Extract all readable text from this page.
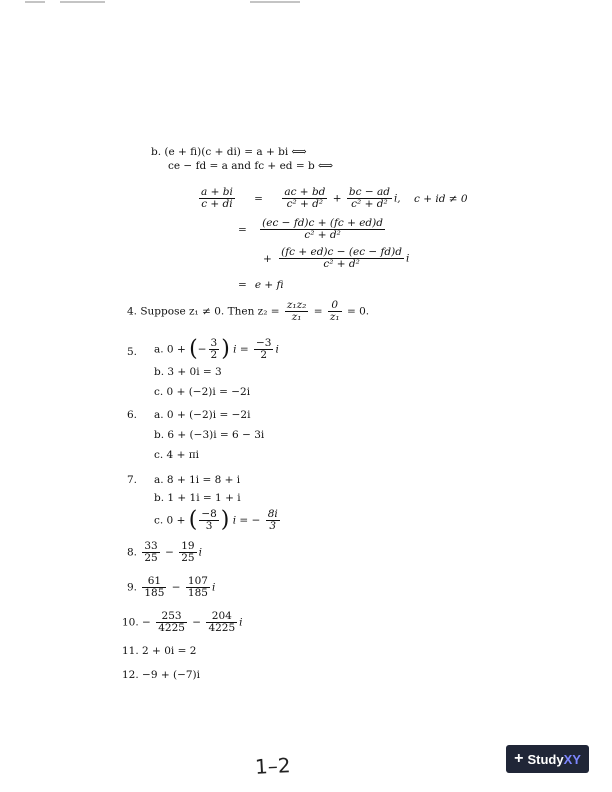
b. (e + fi)(c + di) = a + bi ⟺
ce − fd = a and fc + ed = b ⟺
$\frac{a + bi}{c + di} = \frac{ac + bd}{\text{c² + d²}} + \frac{bc - ad}{\text{c² + d²}} i$, c + id ≠ 0
= $\frac{(ec - fd)c + (fc + ed)d}{\text{c² + d²}}$
+ $\frac{(fc + ed)c - (ec - fd)d}{\text{c² + d²}}$ i
= e + fi
4. Suppose z₁ ≠ 0. Then $z_2 = \frac{\text{z₁z₂}}{\text{z₁}} = \frac{0}{\text{z₁}} = 0$.
5. a. 0 + (− $\frac{3}{2}$ ) $i = \frac{-3}{2}$ i
b. 3 + 0i = 3
c. 0 + (−2)i = −2i
6. a. 0 + (−2)i = −2i
b. 6 + (−3)i = 6 − 3i
c. 4 + πi
7. a. 8 + 1i = 8 + i
b. 1 + 1i = 1 + i
c. 0 + ( $\frac{-8}{3}$ ) i = − $\frac{8i}{3}$
8. $\frac{33}{25} - \frac{19}{25}$ i
9. $\frac{61}{185} - \frac{107}{185}$ i
10. − $\frac{253}{4225} - \frac{204}{4225}$ i
11. 2 + 0i = 2
12. −9 + (−7)i
1–2	+ StudyXY
